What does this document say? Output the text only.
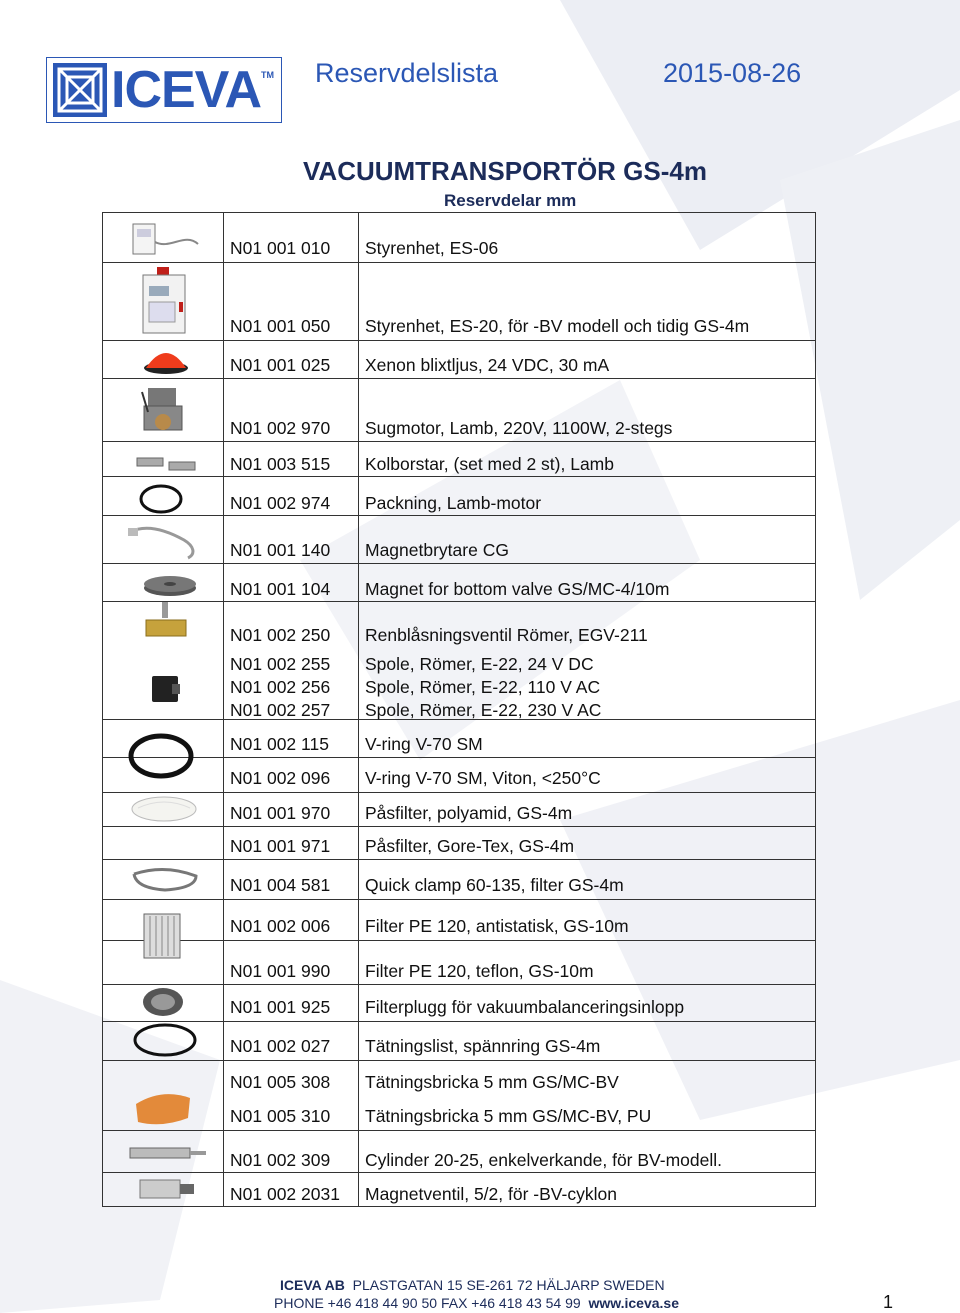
ICEVA TM Reservdelslista	2015-08-26
VACUUMTRANSPORTÖR GS-4m
Reservdelar mm
N01 001 010 Styrenhet, ES-06
N01 001 050 Styrenhet, ES-20, för -BV modell och tidig GS-4m
N01 001 025 Xenon blixtljus, 24 VDC, 30 mA
N01 002 970 Sugmotor, Lamb, 220V, 1100W, 2-stegs
N01 003 515 Kolborstar, (set med 2 st), Lamb
N01 002 974 Packning, Lamb-motor
N01 001 140 Magnetbrytare CG
N01 001 104 Magnet for bottom valve GS/MC-4/10m
N01 002 250 Renblåsningsventil Römer, EGV-211
N01 002 255 Spole, Römer, E-22, 24 V DC
N01 002 256 Spole, Römer, E-22, 110 V AC
N01 002 257 Spole, Römer, E-22, 230 V AC
N01 002 115 V-ring V-70 SM
N01 002 096 V-ring V-70 SM, Viton, <250°C
N01 001 970 Påsfilter, polyamid, GS-4m
N01 001 971 Påsfilter, Gore-Tex, GS-4m
N01 004 581 Quick clamp 60-135, filter GS-4m
N01 002 006 Filter PE 120, antistatisk, GS-10m
N01 001 990 Filter PE 120, teflon, GS-10m
N01 001 925 Filterplugg för vakuumbalanceringsinlopp
N01 002 027 Tätningslist, spännring GS-4m
N01 005 308 Tätningsbricka 5 mm GS/MC-BV
N01 005 310 Tätningsbricka 5 mm GS/MC-BV, PU
N01 002 309 Cylinder 20-25, enkelverkande, för BV-modell.
N01 002 2031 Magnetventil, 5/2, för -BV-cyklon
ICEVA AB PLASTGATAN 15 SE-261 72 HÄLJARP SWEDEN
PHONE +46 418 44 90 50 FAX +46 418 43 54 99 www.iceva.se	1
